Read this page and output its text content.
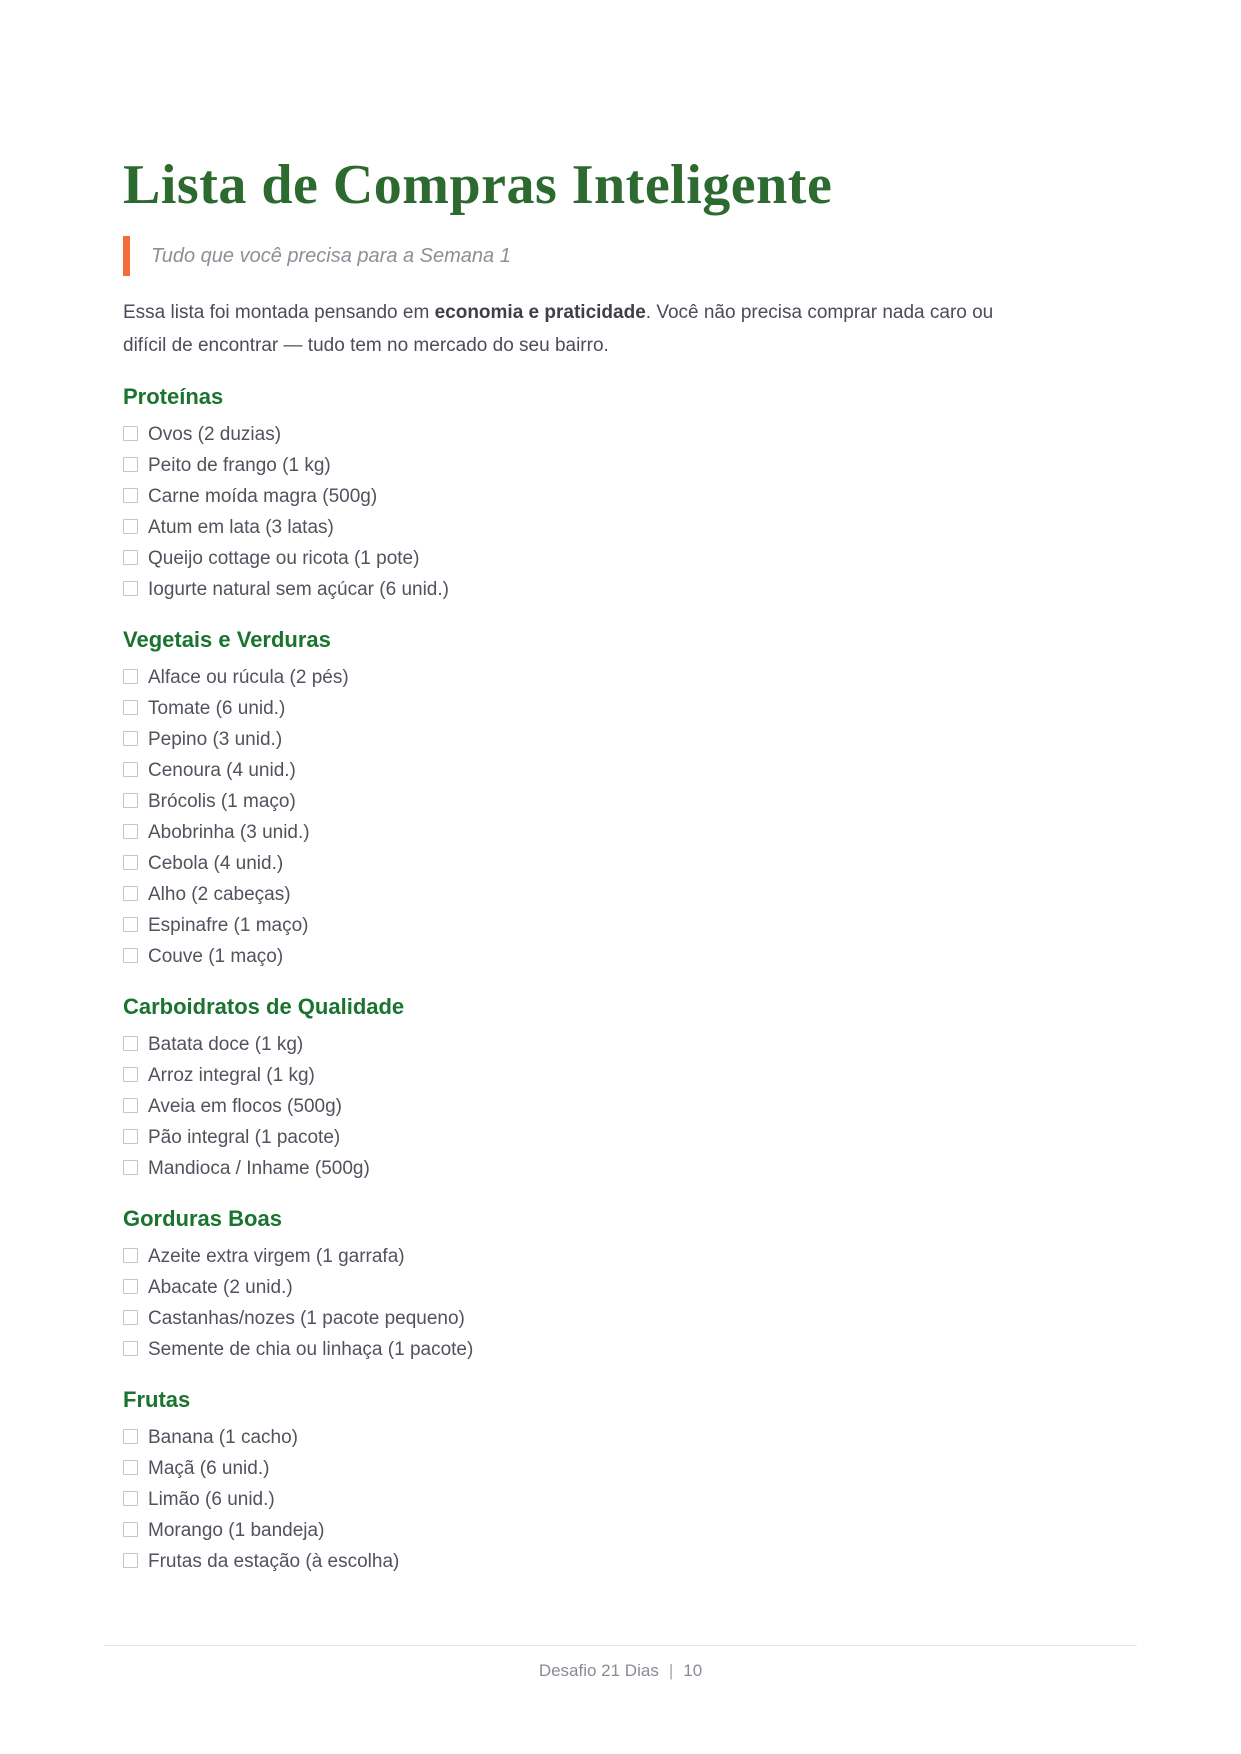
Lista de Compras Inteligente
Tudo que você precisa para a Semana 1

Essa lista foi montada pensando em economia e praticidade. Você não precisa comprar nada caro ou difícil de encontrar — tudo tem no mercado do seu bairro.

Proteínas
Ovos (2 duzias)
Peito de frango (1 kg)
Carne moída magra (500g)
Atum em lata (3 latas)
Queijo cottage ou ricota (1 pote)
Iogurte natural sem açúcar (6 unid.)
Vegetais e Verduras
Alface ou rúcula (2 pés)
Tomate (6 unid.)
Pepino (3 unid.)
Cenoura (4 unid.)
Brócolis (1 maço)
Abobrinha (3 unid.)
Cebola (4 unid.)
Alho (2 cabeças)
Espinafre (1 maço)
Couve (1 maço)
Carboidratos de Qualidade
Batata doce (1 kg)
Arroz integral (1 kg)
Aveia em flocos (500g)
Pão integral (1 pacote)
Mandioca / Inhame (500g)
Gorduras Boas
Azeite extra virgem (1 garrafa)
Abacate (2 unid.)
Castanhas/nozes (1 pacote pequeno)
Semente de chia ou linhaça (1 pacote)
Frutas
Banana (1 cacho)
Maçã (6 unid.)
Limão (6 unid.)
Morango (1 bandeja)
Frutas da estação (à escolha)
Desafio 21 Dias | 10
